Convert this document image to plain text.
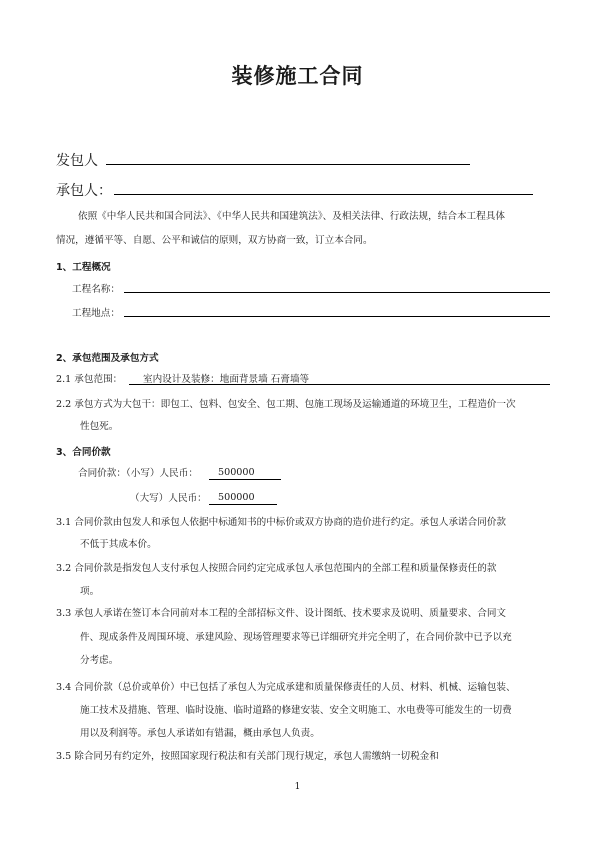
装修施工合同
发包人
承包人：
依照《中华人民共和国合同法》、《中华人民共和国建筑法》、及相关法律、行政法规，结合本工程具体
情况，遵循平等、自愿、公平和诚信的原则，双方协商一致，订立本合同。
1、工程概况
工程名称：
工程地点：
2、承包范围及承包方式
2.1 承包范围： 室内设计及装修：地面背景墙 石膏墙等
2.2 承包方式为大包干：即包工、包料、包安全、包工期、包施工现场及运输通道的环境卫生，工程造价一次
性包死。
3、合同价款
合同价款：（小写）人民币：	500000
（大写）人民币：	500000
3.1 合同价款由包发人和承包人依据中标通知书的中标价或双方协商的造价进行约定。承包人承诺合同价款
不低于其成本价。
3.2 合同价款是指发包人支付承包人按照合同约定完成承包人承包范围内的全部工程和质量保修责任的款
项。
3.3 承包人承诺在签订本合同前对本工程的全部招标文件、设计图纸、技术要求及说明、质量要求、合同文
件、现成条件及周围环境、承建风险、现场管理要求等已详细研究并完全明了，在合同价款中已予以充
分考虑。
3.4 合同价款（总价或单价）中已包括了承包人为完成承建和质量保修责任的人员、材料、机械、运输包装、
施工技术及措施、管理、临时设施、临时道路的修建安装、安全文明施工、水电费等可能发生的一切费
用以及利润等。承包人承诺如有错漏，概由承包人负责。
3.5 除合同另有约定外，按照国家现行税法和有关部门现行规定，承包人需缴纳一切税金和
1
